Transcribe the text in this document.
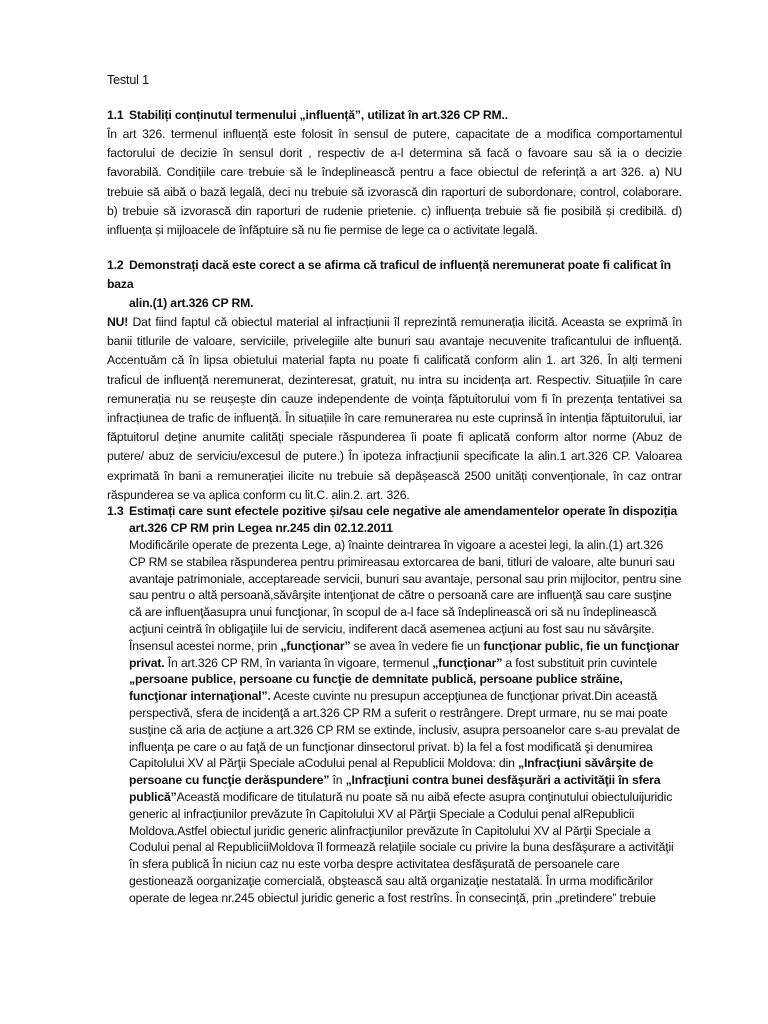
Testul 1
1.1 Stabiliți conținutul termenului „influență”, utilizat în art.326 CP RM..
În art 326. termenul influență este folosit în sensul de putere, capacitate de a modifica comportamentul factorului de decizie în sensul dorit , respectiv de a-l determina să facă o favoare sau să ia o decizie favorabilă. Condițiile care trebuie să le îndeplinească pentru a face obiectul de referință a art 326. a) NU trebuie să aibă o bază legală, deci nu trebuie să izvorască din raporturi de subordonare, control, colaborare. b) trebuie să izvorască din raporturi de rudenie prietenie. c) influența trebuie să fie posibilă și credibilă. d) influența și mijloacele de înfăptuire să nu fie permise de lege ca o activitate legală.
1.2 Demonstrați dacă este corect a se afirma că traficul de influență neremunerat poate fi calificat în baza
alin.(1) art.326 CP RM.
NU! Dat fiind faptul că obiectul material al infracțiunii îl reprezintă remunerația ilicită. Aceasta se exprimă în banii titlurile de valoare, serviciile, privelegiile alte bunuri sau avantaje necuvenite traficantului de influență. Accentuăm că în lipsa obietului material fapta nu poate fi calificată conform alin 1. art 326. În alți termeni traficul de influență neremunerat, dezinteresat, gratuit, nu intra su incidența art. Respectiv. Situațiile în care remunerația nu se reușește din cauze independente de voința făptuitorului vom fi în prezența tentativei sa infracțiunea de trafic de influență. În situațiile în care remunerarea nu este cuprinsă în intenția făptuitorului, iar făptuitorul deține anumite calități speciale răspunderea îi poate fi aplicată conform altor norme (Abuz de putere/ abuz de serviciu/excesul de putere.) În ipoteza infracțiunii specificate la alin.1 art.326 CP. Valoarea exprimată în bani a remunerației ilicite nu trebuie să depășească 2500 unități convenționale, în caz ontrar răspunderea se va aplica conform cu lit.C. alin.2. art. 326.
1.3 Estimați care sunt efectele pozitive și/sau cele negative ale amendamentelor operate în dispoziția
art.326 CP RM prin Legea nr.245 din 02.12.2011
Modificările operate de prezenta Lege, a) înainte deintrarea în vigoare a acestei legi, la alin.(1) art.326 CP RM se stabilea răspunderea pentru primireasau extorcarea de bani, titluri de valoare, alte bunuri sau avantaje patrimoniale, acceptareade servicii, bunuri sau avantaje, personal sau prin mijlocitor, pentru sine sau pentru o altă persoană,săvârşite intenţionat de către o persoană care are influenţă sau care susţine că are influenţăasupra unui funcţionar, în scopul de a-l face să îndeplinească ori să nu îndeplinească acţiuni ceintră în obligaţiile lui de serviciu, indiferent dacă asemenea acţiuni au fost sau nu săvârşite. Însensul acestei norme, prin „funcţionar” se avea în vedere fie un funcţionar public, fie un funcţionar privat. În art.326 CP RM, în varianta în vigoare, termenul „funcţionar” a fost substituit prin cuvintele „persoane publice, persoane cu funcţie de demnitate publică, persoane publice străine, funcţionar internaţional”. Aceste cuvinte nu presupun accepţiunea de funcţionar privat.Din această perspectivă, sfera de incidenţă a art.326 CP RM a suferit o restrângere. Drept urmare, nu se mai poate susţine că aria de acţiune a art.326 CP RM se extinde, inclusiv, asupra persoanelor care s-au prevalat de influenţa pe care o au faţă de un funcţionar dinsectorul privat. b) la fel a fost modificată şi denumirea Capitolului XV al Părţii Speciale aCodului penal al Republicii Moldova: din „Infracţiuni săvârşite de persoane cu funcţie derăspundere” în „Infracţiuni contra bunei desfăşurări a activităţii în sfera publică”Această modificare de titulatură nu poate să nu aibă efecte asupra conţinutului obiectuluijuridic generic al infracţiunilor prevăzute în Capitolului XV al Părţii Speciale a Codului penal alRepublicii Moldova.Astfel obiectul juridic generic alinfracţiunilor prevăzute în Capitolului XV al Părţii Speciale a Codului penal al RepubliciiMoldova îl formează relaţiile sociale cu privire la buna desfăşurare a activităţii în sfera publică În niciun caz nu este vorba despre activitatea desfăşurată de persoanele care gestionează oorganizaţie comercială, obştească sau altă organizaţie nestatală. În urma modificărilor operate de legea nr.245 obiectul juridic generic a fost restrîns. În consecinţă, prin „pretindere” trebuie
